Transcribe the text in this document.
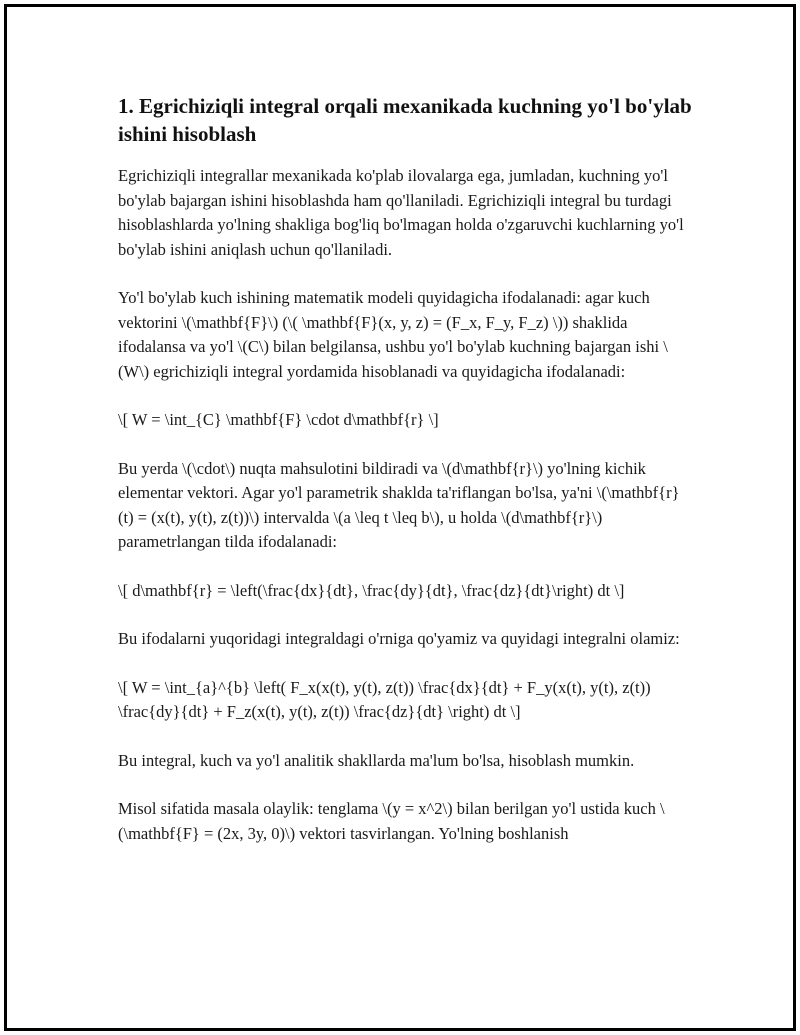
1. Egrichiziqli integral orqali mexanikada kuchning yo'l bo'ylab ishini hisoblash

Egrichiziqli integrallar mexanikada ko'plab ilovalarga ega, jumladan, kuchning yo'l bo'ylab bajargan ishini hisoblashda ham qo'llaniladi. Egrichiziqli integral bu turdagi hisoblashlarda yo'lning shakliga bog'liq bo'lmagan holda o'zgaruvchi kuchlarning yo'l bo'ylab ishini aniqlash uchun qo'llaniladi.

Yo'l bo'ylab kuch ishining matematik modeli quyidagicha ifodalanadi: agar kuch vektorini \(\mathbf{F}\) (\( \mathbf{F}(x, y, z) = (F_x, F_y, F_z) \)) shaklida ifodalansa va yo'l \(C\) bilan belgilansa, ushbu yo'l bo'ylab kuchning bajargan ishi \(W\) egrichiziqli integral yordamida hisoblanadi va quyidagicha ifodalanadi:

\[ W = \int_{C} \mathbf{F} \cdot d\mathbf{r} \]

Bu yerda \(\cdot\) nuqta mahsulotini bildiradi va \(d\mathbf{r}\) yo'lning kichik elementar vektori. Agar yo'l parametrik shaklda ta'riflangan bo'lsa, ya'ni \(\mathbf{r}(t) = (x(t), y(t), z(t))\) intervalda \(a \leq t \leq b\), u holda \(d\mathbf{r}\) parametrlangan tilda ifodalanadi:

\[ d\mathbf{r} = \left(\frac{dx}{dt}, \frac{dy}{dt}, \frac{dz}{dt}\right) dt \]

Bu ifodalarni yuqoridagi integraldagi o'rniga qo'yamiz va quyidagi integralni olamiz:

\[ W = \int_{a}^{b} \left( F_x(x(t), y(t), z(t)) \frac{dx}{dt} + F_y(x(t), y(t), z(t)) \frac{dy}{dt} + F_z(x(t), y(t), z(t)) \frac{dz}{dt} \right) dt \]

Bu integral, kuch va yo'l analitik shakllarda ma'lum bo'lsa, hisoblash mumkin.

Misol sifatida masala olaylik: tenglama \(y = x^2\) bilan berilgan yo'l ustida kuch \(\mathbf{F} = (2x, 3y, 0)\) vektori tasvirlangan. Yo'lning boshlanish
